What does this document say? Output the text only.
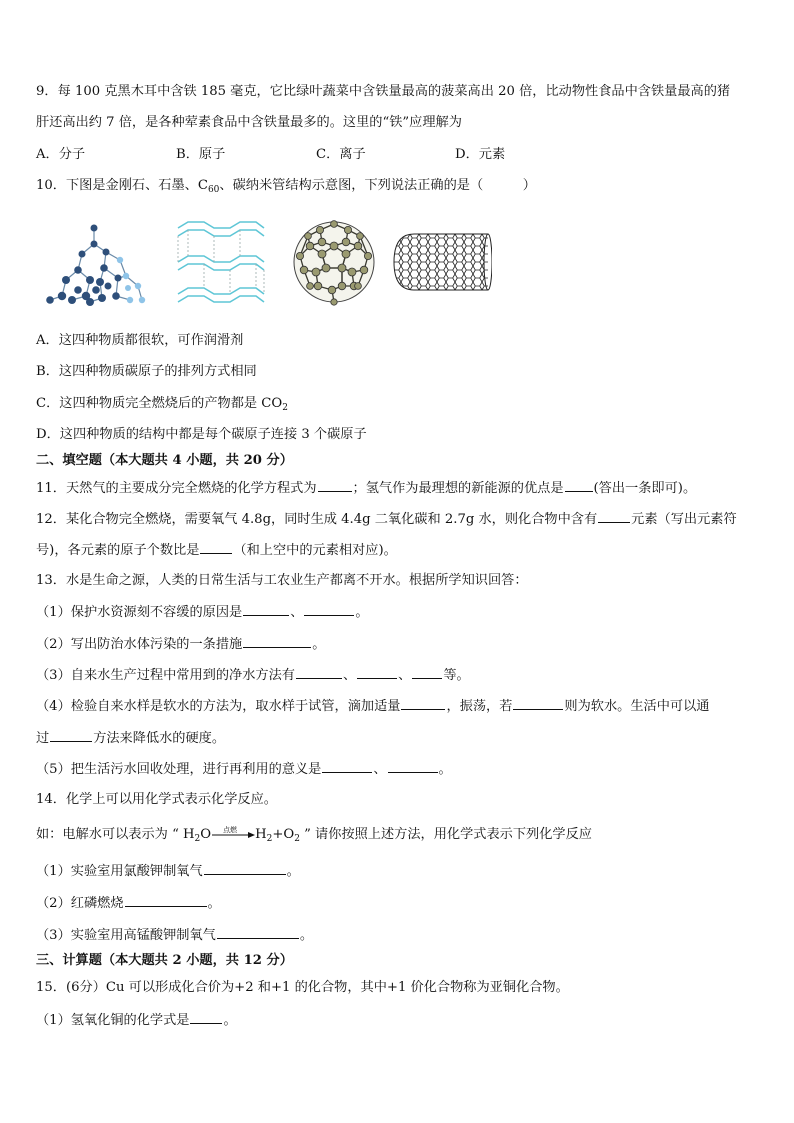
9．每 100 克黑木耳中含铁 185 毫克，它比绿叶蔬菜中含铁量最高的菠菜高出 20 倍，比动物性食品中含铁量最高的猪
肝还高出约 7 倍，是各种荤素食品中含铁量最多的。这里的“铁”应理解为
A．分子	B．原子	C．离子	D．元素
10．下图是金刚石、石墨、$C_{60}$、碳纳米管结构示意图，下列说法正确的是（　　　）
A．这四种物质都很软，可作润滑剂
B．这四种物质碳原子的排列方式相同
C．这四种物质完全燃烧后的产物都是 $CO_2$
D．这四种物质的结构中都是每个碳原子连接 3 个碳原子
二、填空题（本大题共 4 小题，共 20 分）
11．天然气的主要成分完全燃烧的化学方程式为	；氢气作为最理想的新能源的优点是 (答出一条即可)。
12．某化合物完全燃烧，需要氧气 4.8g，同时生成 4.4g 二氧化碳和 2.7g 水，则化合物中含有	元素（写出元素符
号)，各元素的原子个数比是	（和上空中的元素相对应)。
13．水是生命之源，人类的日常生活与工农业生产都离不开水。根据所学知识回答：
（1）保护水资源刻不容缓的原因是	、	。
（2）写出防治水体污染的一条措施	。
（3）自来水生产过程中常用到的净水方法有	、	、 等。
（4）检验自来水样是软水的方法为，取水样于试管，滴加适量	，振荡，若	则为软水。生活中可以通
过	方法来降低水的硬度。
（5）把生活污水回收处理，进行再利用的意义是	、	。
14．化学上可以用化学式表示化学反应。
如：电解水可以表示为 “ $H_2O$ 点燃 $H_2+O_2$ ” 请你按照上述方法，用化学式表示下列化学反应
（1）实验室用氯酸钾制氧气	。
（2）红磷燃烧	。
（3）实验室用高锰酸钾制氧气	。
三、计算题（本大题共 2 小题，共 12 分）
15．(6分）Cu 可以形成化合价为+2 和+1 的化合物，其中+1 价化合物称为亚铜化合物。
（1）氢氧化铜的化学式是	。
